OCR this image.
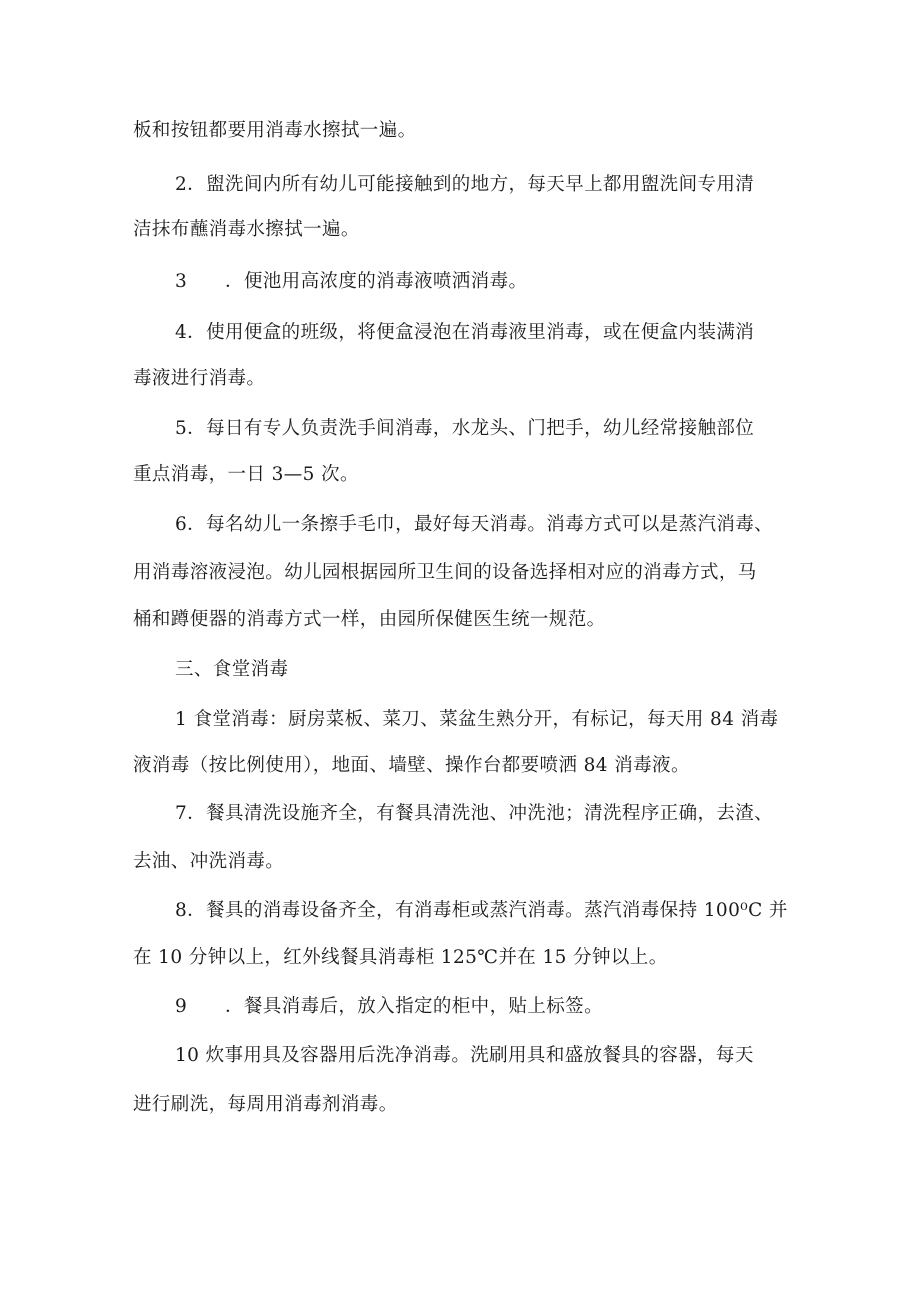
板和按钮都要用消毒水擦拭一遍。
2．盥洗间内所有幼儿可能接触到的地方，每天早上都用盥洗间专用清
洁抹布蘸消毒水擦拭一遍。
3　　．便池用高浓度的消毒液喷洒消毒。
4．使用便盒的班级，将便盒浸泡在消毒液里消毒，或在便盒内装满消
毒液进行消毒。
5．每日有专人负责洗手间消毒，水龙头、门把手，幼儿经常接触部位
重点消毒，一日 3—5 次。
6．每名幼儿一条擦手毛巾，最好每天消毒。消毒方式可以是蒸汽消毒、
用消毒溶液浸泡。幼儿园根据园所卫生间的设备选择相对应的消毒方式，马
桶和蹲便器的消毒方式一样，由园所保健医生统一规范。
三、食堂消毒
1 食堂消毒：厨房菜板、菜刀、菜盆生熟分开，有标记，每天用 84 消毒
液消毒（按比例使用），地面、墙壁、操作台都要喷洒 84 消毒液。
7．餐具清洗设施齐全，有餐具清洗池、冲洗池；清洗程序正确，去渣、
去油、冲洗消毒。
8．餐具的消毒设备齐全，有消毒柜或蒸汽消毒。蒸汽消毒保持 100⁰C 并
在 10 分钟以上，红外线餐具消毒柜 125℃并在 15 分钟以上。
9　　．餐具消毒后，放入指定的柜中，贴上标签。
10 炊事用具及容器用后洗净消毒。洗刷用具和盛放餐具的容器，每天
进行刷洗，每周用消毒剂消毒。
